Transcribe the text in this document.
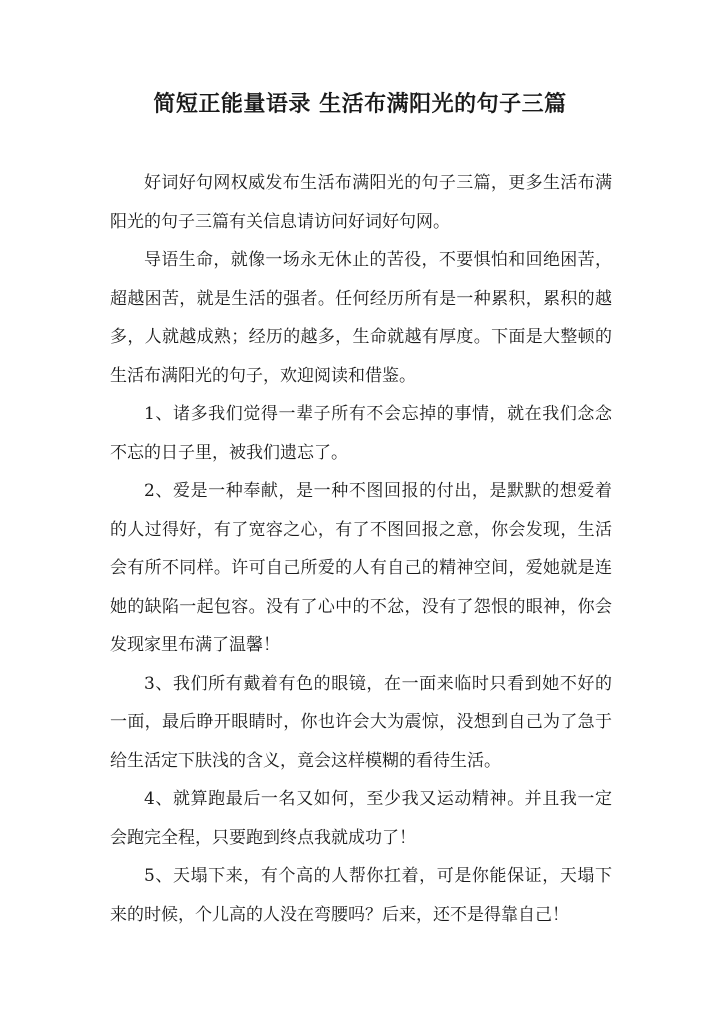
简短正能量语录 生活布满阳光的句子三篇

好词好句网权威发布生活布满阳光的句子三篇，更多生活布满阳光的句子三篇有关信息请访问好词好句网。

导语生命，就像一场永无休止的苦役，不要惧怕和回绝困苦，超越困苦，就是生活的强者。任何经历所有是一种累积，累积的越多，人就越成熟；经历的越多，生命就越有厚度。下面是大整顿的生活布满阳光的句子，欢迎阅读和借鉴。

1、诸多我们觉得一辈子所有不会忘掉的事情，就在我们念念不忘的日子里，被我们遗忘了。

2、爱是一种奉献，是一种不图回报的付出，是默默的想爱着的人过得好，有了宽容之心，有了不图回报之意，你会发现，生活会有所不同样。许可自己所爱的人有自己的精神空间，爱她就是连她的缺陷一起包容。没有了心中的不忿，没有了怨恨的眼神，你会发现家里布满了温馨！

3、我们所有戴着有色的眼镜，在一面来临时只看到她不好的一面，最后睁开眼睛时，你也许会大为震惊，没想到自己为了急于给生活定下肤浅的含义，竟会这样模糊的看待生活。

4、就算跑最后一名又如何，至少我又运动精神。并且我一定会跑完全程，只要跑到终点我就成功了！

5、天塌下来，有个高的人帮你扛着，可是你能保证，天塌下来的时候，个儿高的人没在弯腰吗？后来，还不是得靠自己！
